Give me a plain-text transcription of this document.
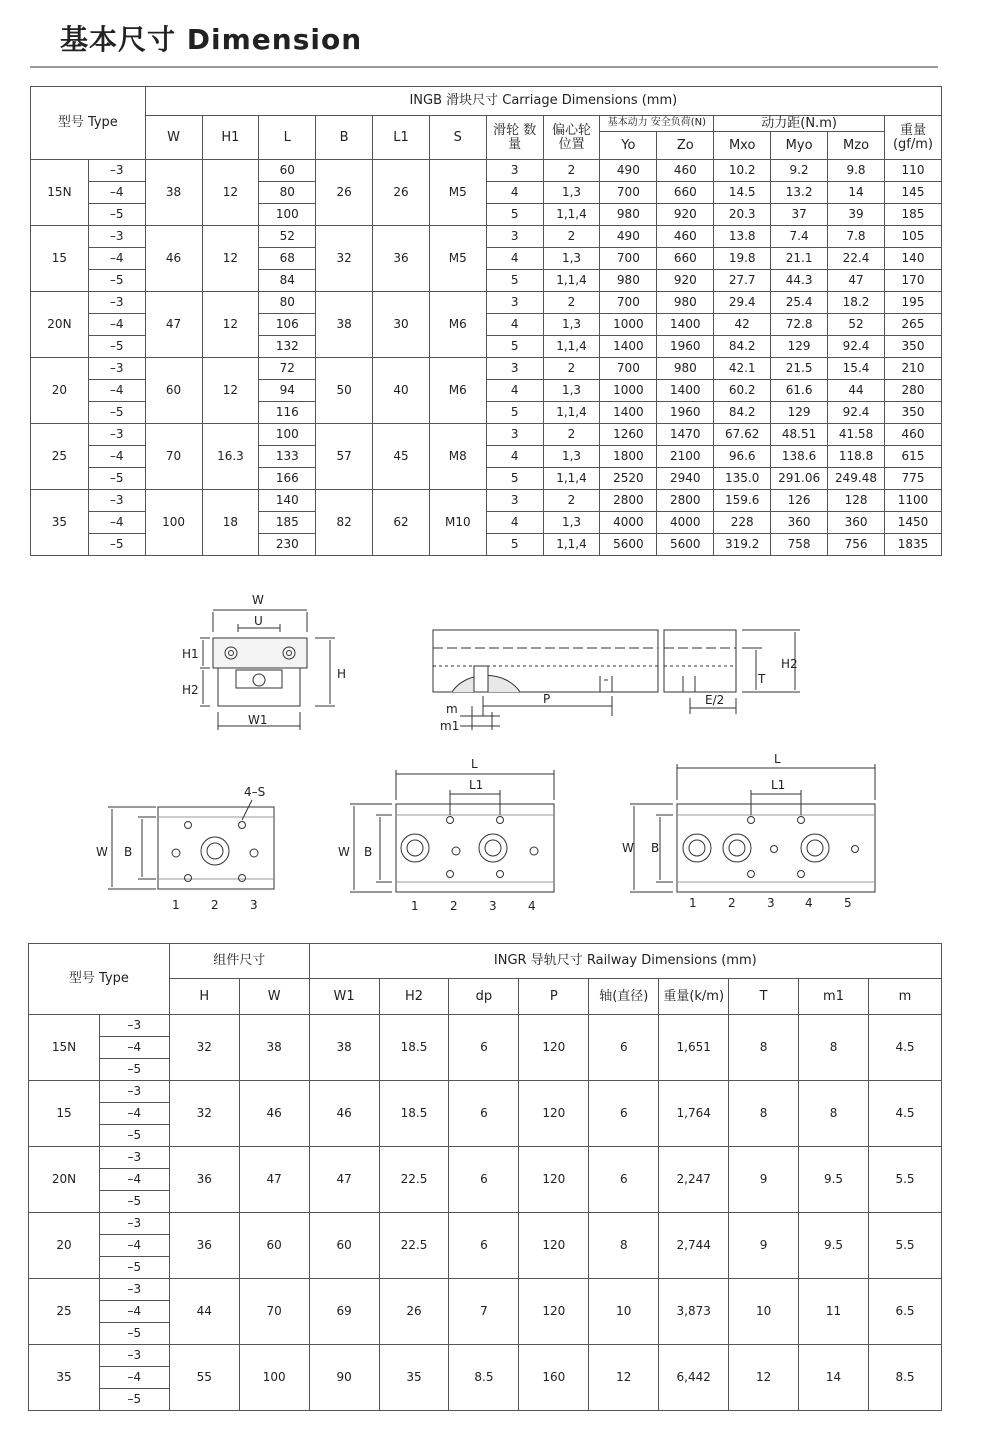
基本尺寸 Dimension
型号 Type		INGB 滑块尺寸 Carriage Dimensions (mm)													
		W	H1	L	B	L1	S	滑轮 数量	偏心轮 位置	基本动力 安全负荷(N)		动力距(N.m)			重量 (gf/m)
										Yo	Zo	Mxo	Myo	Mzo	
15N	–3	38	12	60	26	26	M5	3	2	490	460	10.2	9.2	9.8	110
	–4			80				4	1,3	700	660	14.5	13.2	14	145
	–5			100				5	1,1,4	980	920	20.3	37	39	185
15	–3	46	12	52	32	36	M5	3	2	490	460	13.8	7.4	7.8	105
	–4			68				4	1,3	700	660	19.8	21.1	22.4	140
	–5			84				5	1,1,4	980	920	27.7	44.3	47	170
20N	–3	47	12	80	38	30	M6	3	2	700	980	29.4	25.4	18.2	195
	–4			106				4	1,3	1000	1400	42	72.8	52	265
	–5			132				5	1,1,4	1400	1960	84.2	129	92.4	350
20	–3	60	12	72	50	40	M6	3	2	700	980	42.1	21.5	15.4	210
	–4			94				4	1,3	1000	1400	60.2	61.6	44	280
	–5			116				5	1,1,4	1400	1960	84.2	129	92.4	350
25	–3	70	16.3	100	57	45	M8	3	2	1260	1470	67.62	48.51	41.58	460
	–4			133				4	1,3	1800	2100	96.6	138.6	118.8	615
	–5			166				5	1,1,4	2520	2940	135.0	291.06	249.48	775
35	–3	100	18	140	82	62	M10	3	2	2800	2800	159.6	126	128	1100
	–4			185				4	1,3	4000	4000	228	360	360	1450
	–5			230				5	1,1,4	5600	5600	319.2	758	756	1835
W
U
H1
H2
H
W1
H2
T
P
m
m1
E/2
4–S
W B
1	2	3
L
L1
W B
1	2	3	4
L
L1
W B
1	2	3	4	5
型号 Type		组件尺寸		INGR 导轨尺寸 Railway Dimensions (mm)								
		H	W	W1	H2	dp	P	轴(直径)	重量(k/m)	T	m1	m
15N	–3	32	38	38	18.5	6	120	6	1,651	8	8	4.5
	–4											
	–5											
15	–3	32	46	46	18.5	6	120	6	1,764	8	8	4.5
	–4											
	–5											
20N	–3	36	47	47	22.5	6	120	6	2,247	9	9.5	5.5
	–4											
	–5											
20	–3	36	60	60	22.5	6	120	8	2,744	9	9.5	5.5
	–4											
	–5											
25	–3	44	70	69	26	7	120	10	3,873	10	11	6.5
	–4											
	–5											
35	–3	55	100	90	35	8.5	160	12	6,442	12	14	8.5
	–4											
	–5											
